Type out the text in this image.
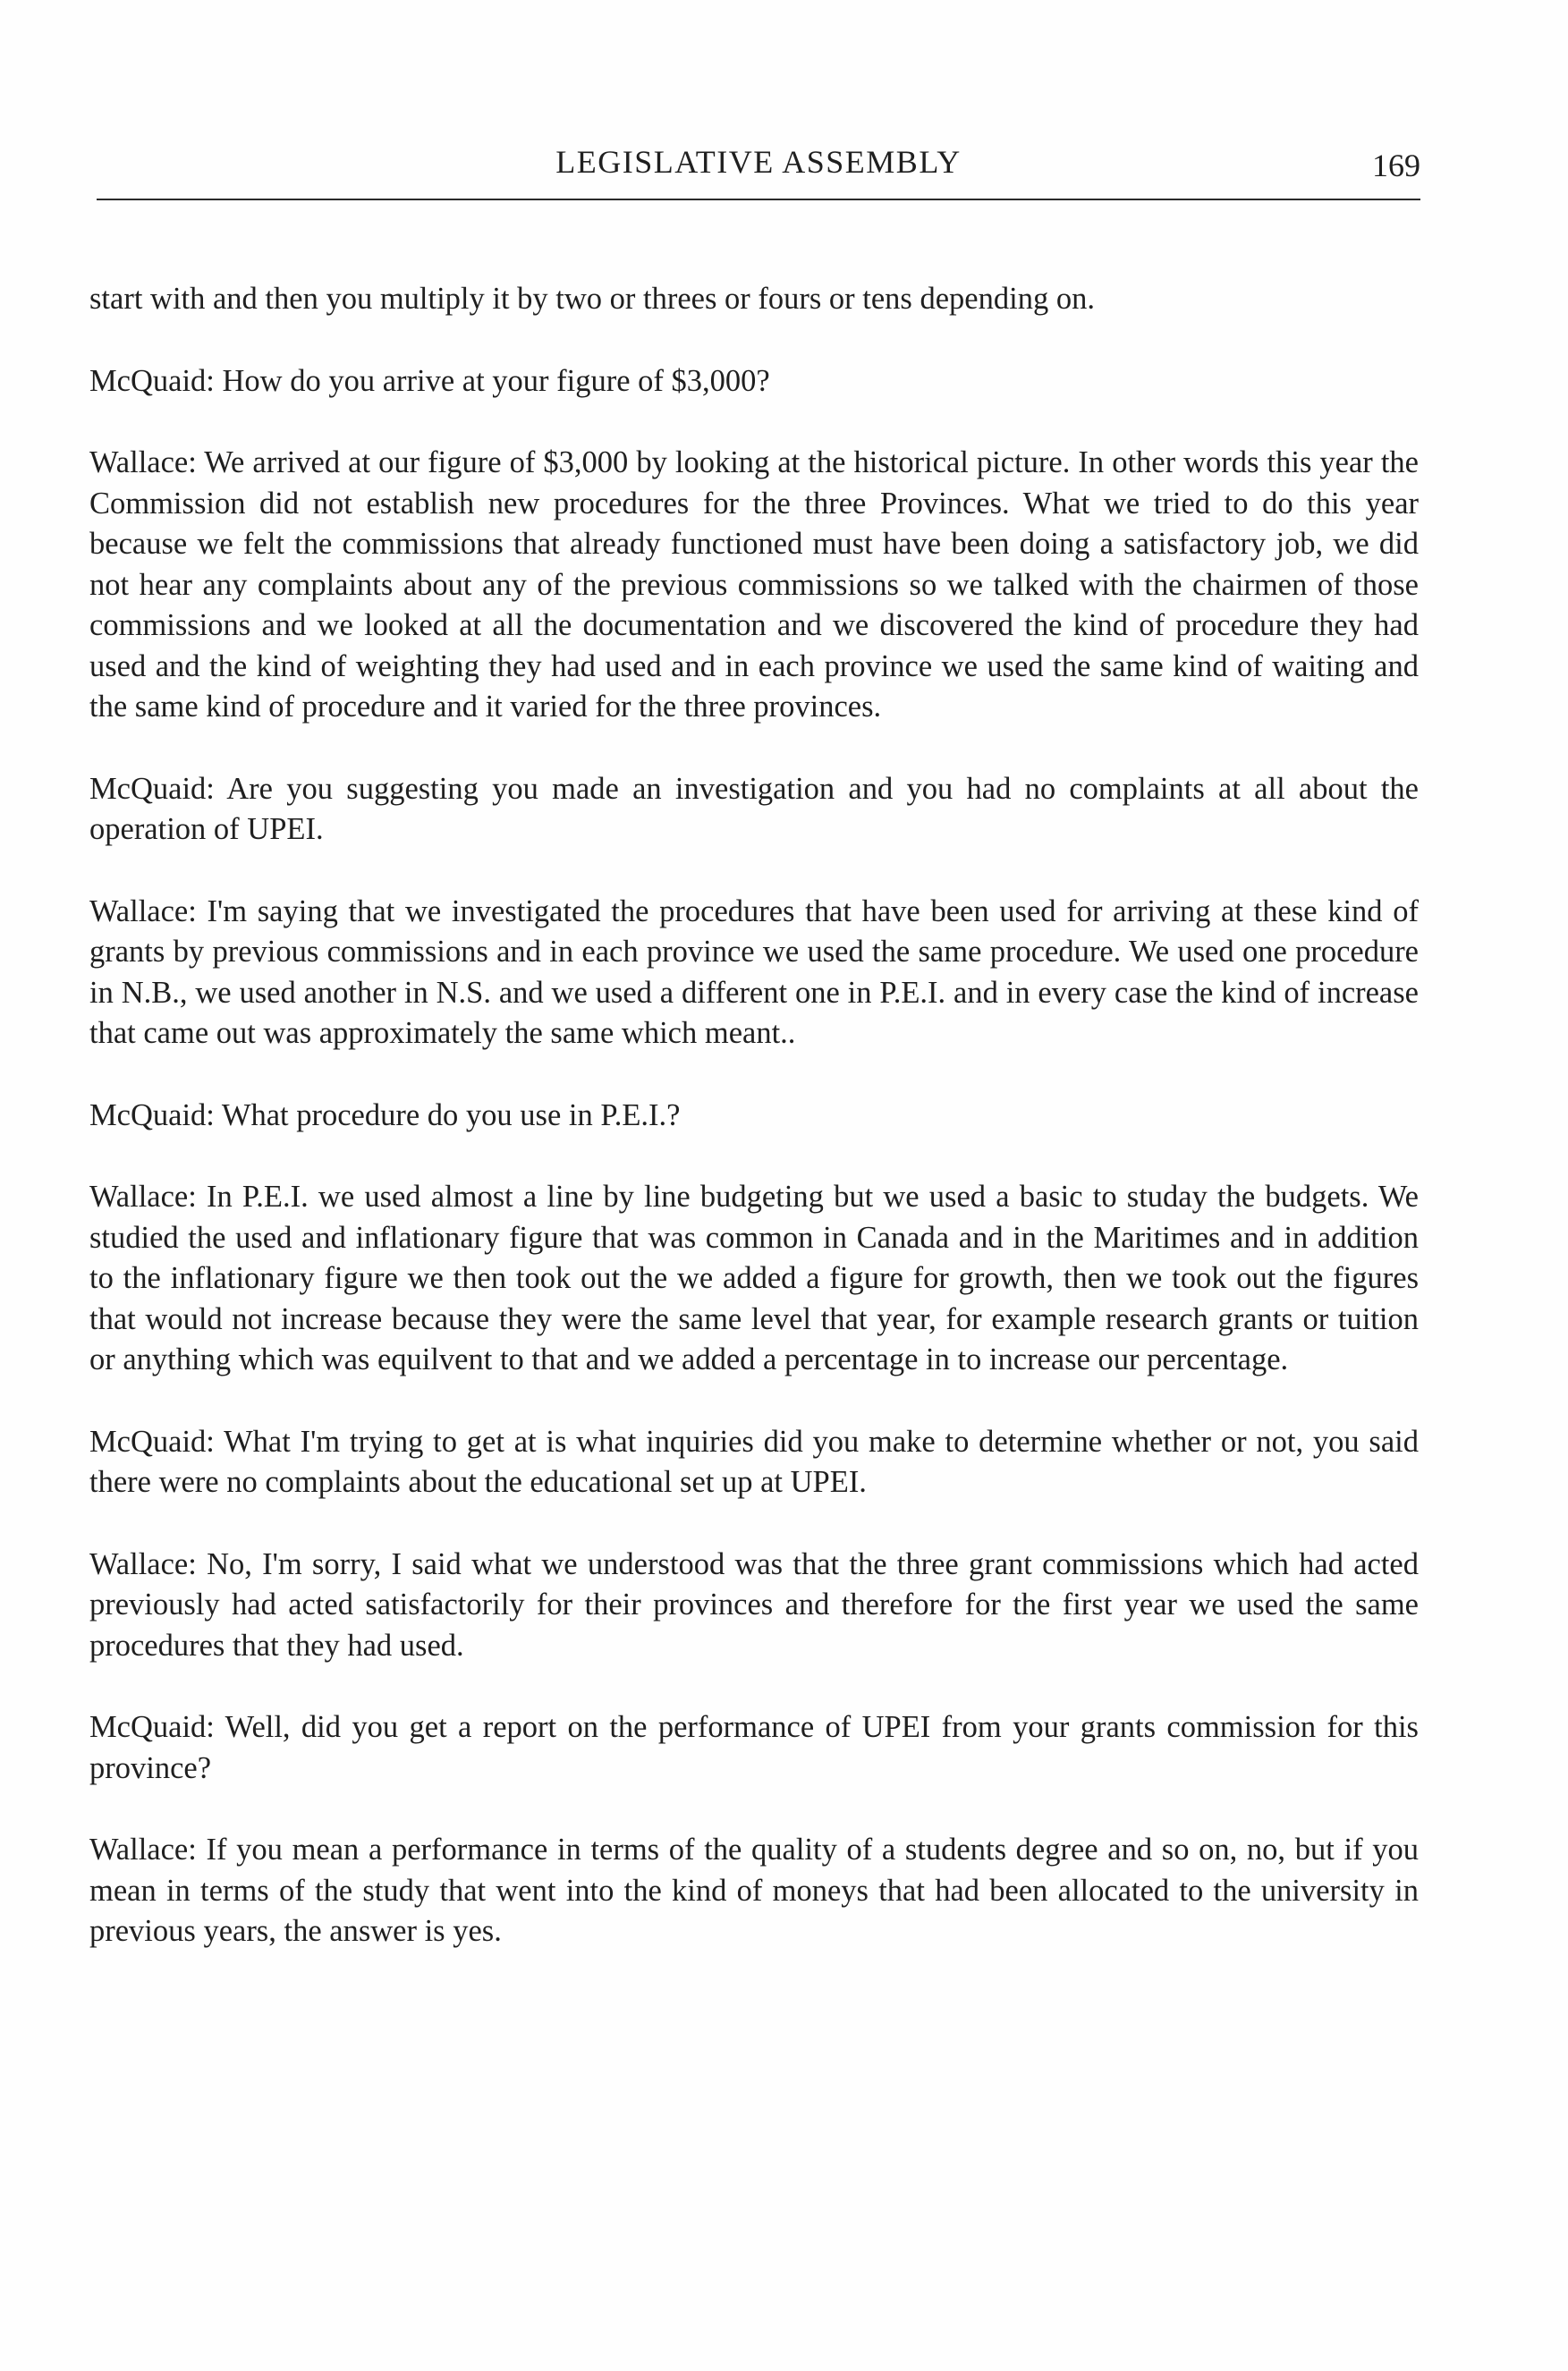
LEGISLATIVE ASSEMBLY	169

start with and then you multiply it by two or threes or fours or tens depending on.

McQuaid: How do you arrive at your figure of $3,000?

Wallace: We arrived at our figure of $3,000 by looking at the historical picture. In other words this year the Commission did not establish new procedures for the three Provinces. What we tried to do this year because we felt the commissions that already functioned must have been doing a satisfactory job, we did not hear any complaints about any of the previous commissions so we talked with the chairmen of those commissions and we looked at all the documentation and we discovered the kind of procedure they had used and the kind of weighting they had used and in each province we used the same kind of waiting and the same kind of procedure and it varied for the three provinces.

McQuaid: Are you suggesting you made an investigation and you had no complaints at all about the operation of UPEI.

Wallace: I'm saying that we investigated the procedures that have been used for arriving at these kind of grants by previous commissions and in each province we used the same procedure. We used one procedure in N.B., we used another in N.S. and we used a different one in P.E.I. and in every case the kind of increase that came out was approximately the same which meant..

McQuaid: What procedure do you use in P.E.I.?

Wallace: In P.E.I. we used almost a line by line budgeting but we used a basic to studay the budgets. We studied the used and inflationary figure that was common in Canada and in the Maritimes and in addition to the inflationary figure we then took out the we added a figure for growth, then we took out the figures that would not increase because they were the same level that year, for example research grants or tuition or anything which was equilvent to that and we added a percentage in to increase our percentage.

McQuaid: What I'm trying to get at is what inquiries did you make to determine whether or not, you said there were no complaints about the educational set up at UPEI.

Wallace: No, I'm sorry, I said what we understood was that the three grant commissions which had acted previously had acted satisfactorily for their provinces and therefore for the first year we used the same procedures that they had used.

McQuaid: Well, did you get a report on the performance of UPEI from your grants commission for this province?

Wallace: If you mean a performance in terms of the quality of a students degree and so on, no, but if you mean in terms of the study that went into the kind of moneys that had been allocated to the university in previous years, the answer is yes.
